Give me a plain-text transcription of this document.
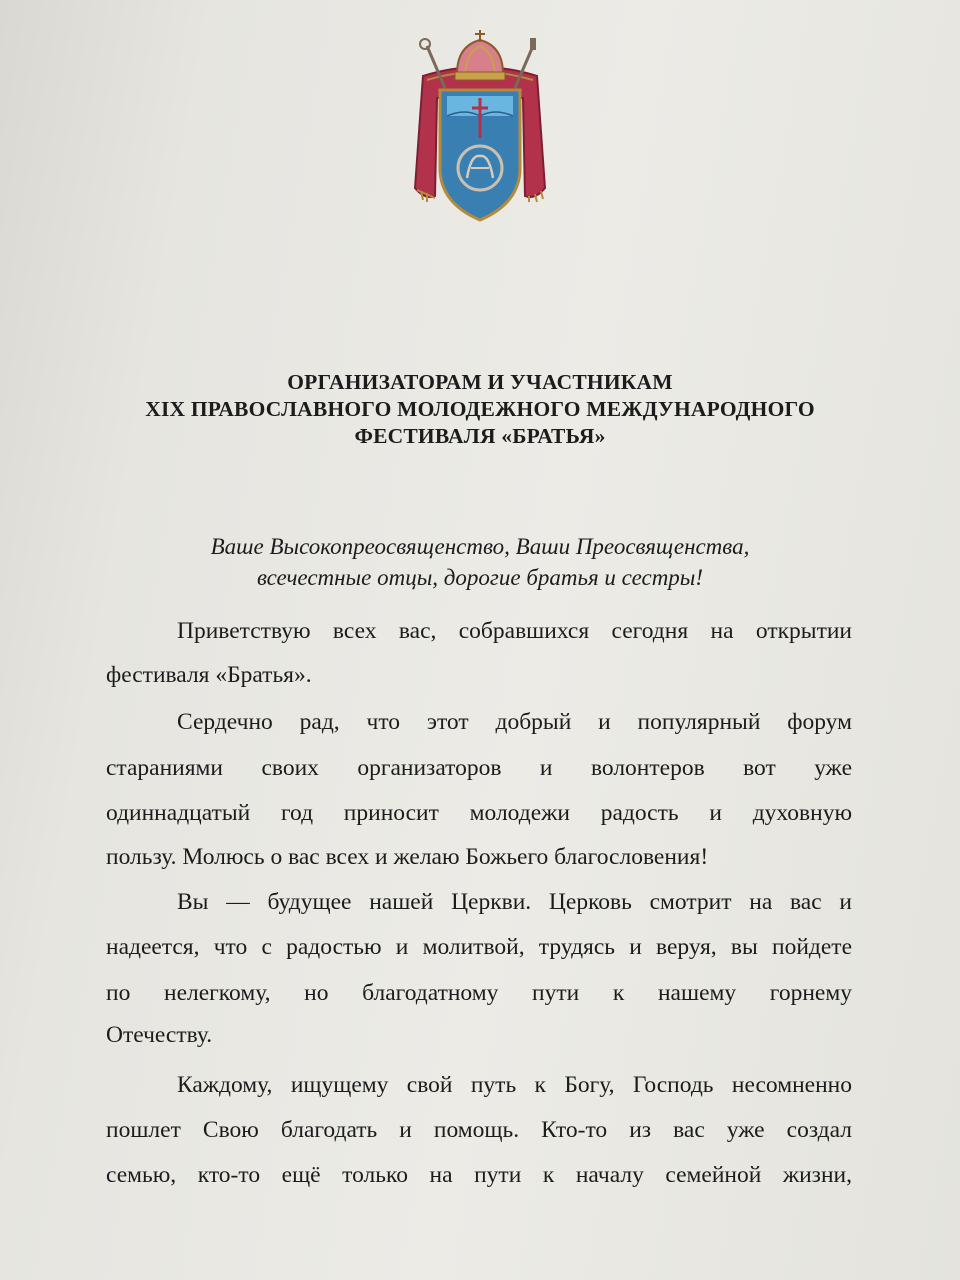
ОРГАНИЗАТОРАМ И УЧАСТНИКАМ
XIX ПРАВОСЛАВНОГО МОЛОДЕЖНОГО МЕЖДУНАРОДНОГО
ФЕСТИВАЛЯ «БРАТЬЯ»
Ваше Высокопреосвященство, Ваши Преосвященства,
всечестные отцы, дорогие братья и сестры!
Приветствую всех вас, собравшихся сегодня на открытии
фестиваля «Братья».
Сердечно рад, что этот добрый и популярный форум
стараниями своих организаторов и волонтеров вот уже
одиннадцатый год приносит молодежи радость и духовную
пользу. Молюсь о вас всех и желаю Божьего благословения!
Вы — будущее нашей Церкви. Церковь смотрит на вас и
надеется, что с радостью и молитвой, трудясь и веруя, вы пойдете
по нелегкому, но благодатному пути к нашему горнему
Отечеству.
Каждому, ищущему свой путь к Богу, Господь несомненно
пошлет Свою благодать и помощь. Кто-то из вас уже создал
семью, кто-то ещё только на пути к началу семейной жизни,
